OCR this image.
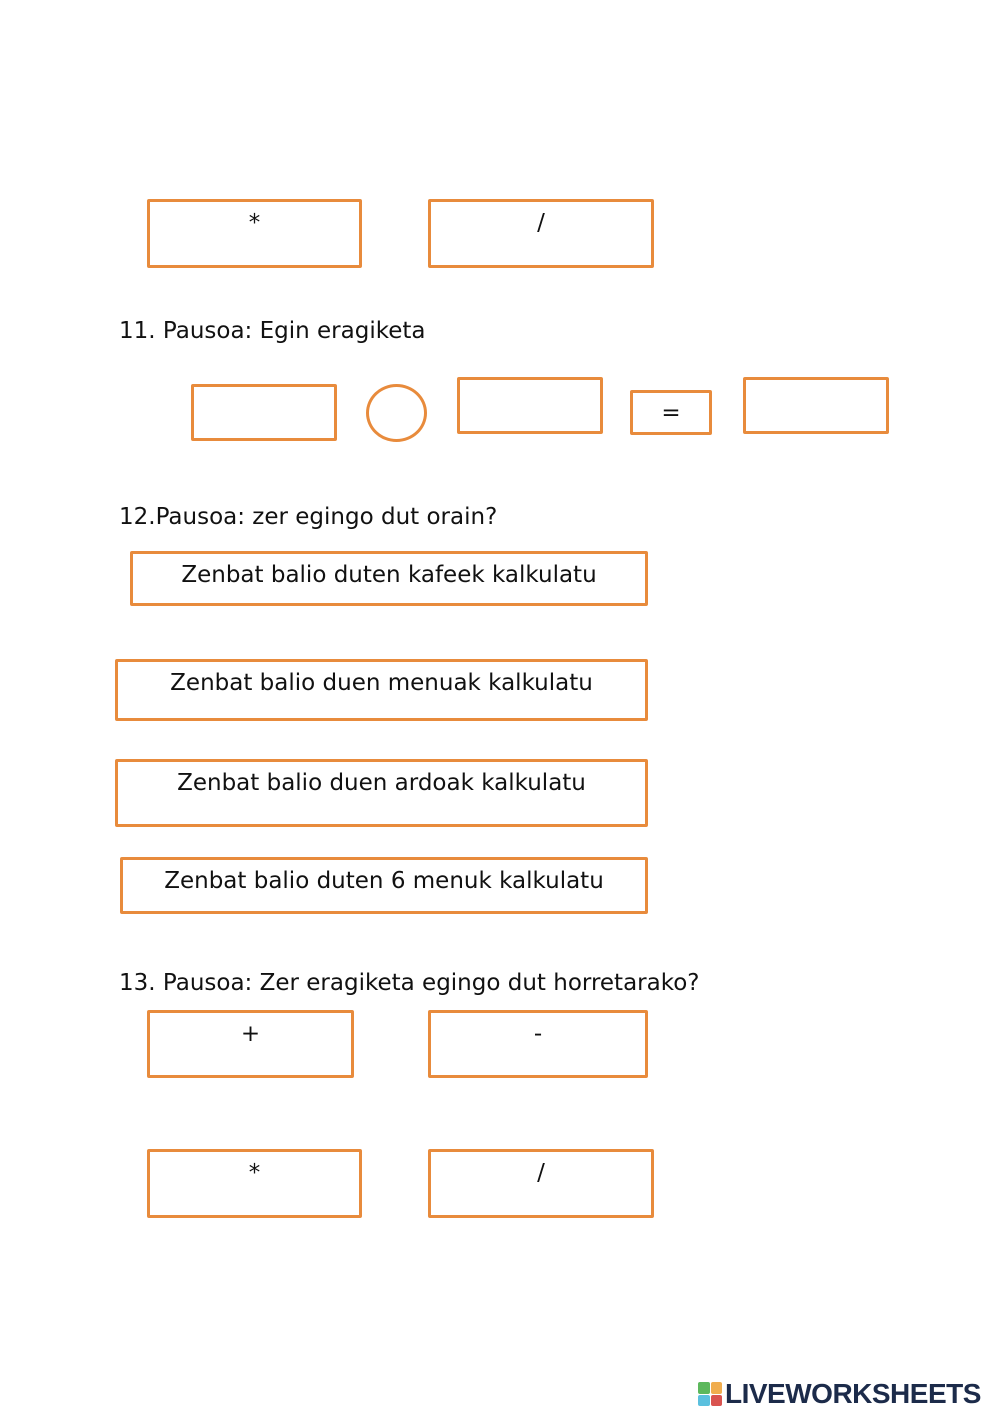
*	/
11. Pausoa: Egin eragiketa
=
12.Pausoa: zer egingo dut orain?
Zenbat balio duten kafeek kalkulatu
Zenbat balio duen menuak kalkulatu
Zenbat balio duen ardoak kalkulatu
Zenbat balio duten 6 menuk kalkulatu
13. Pausoa: Zer eragiketa egingo dut horretarako?
+	-
*	/
LIVEWORKSHEETS
